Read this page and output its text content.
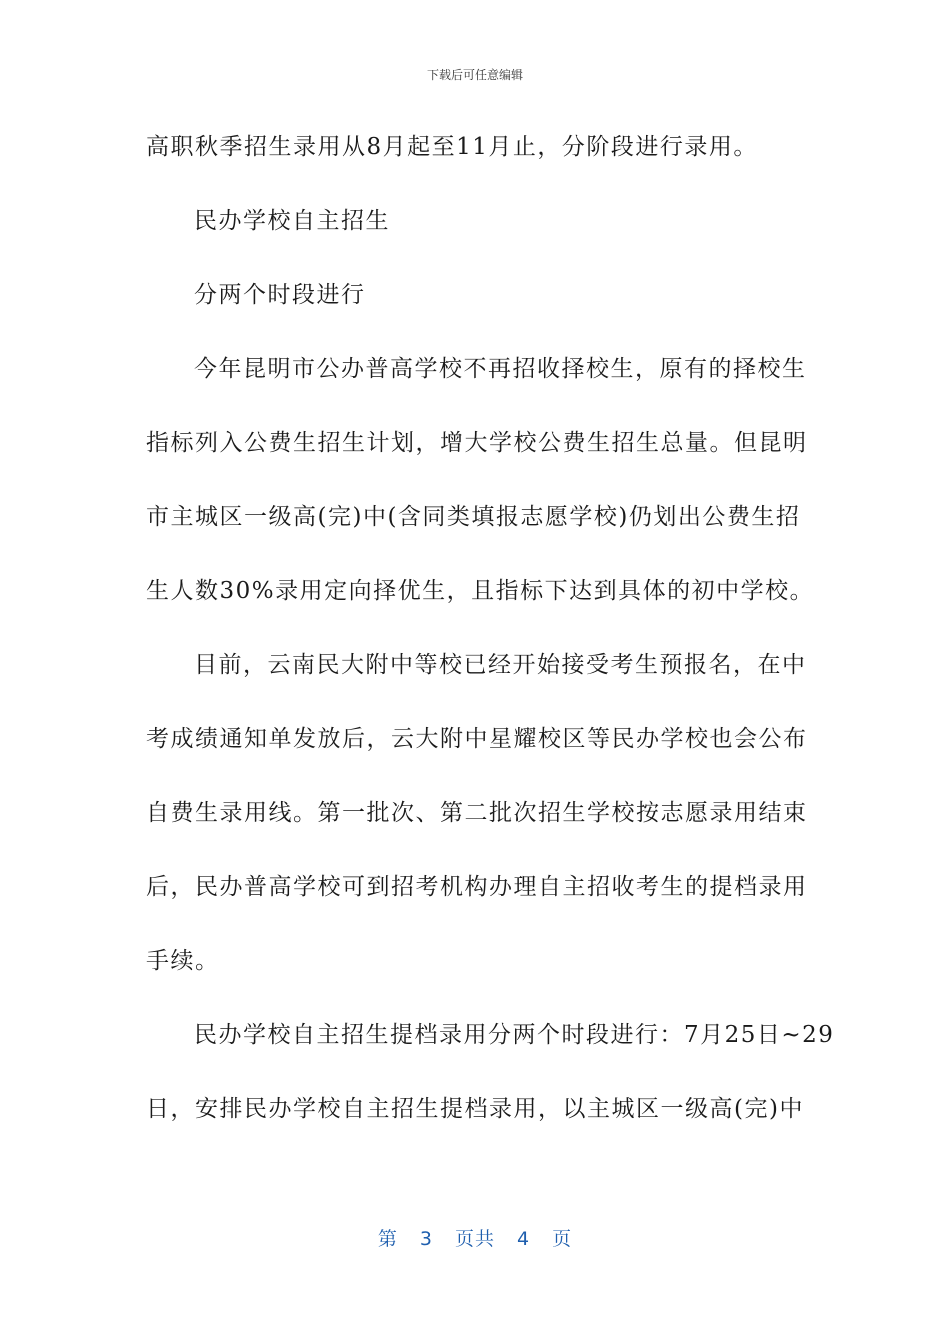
下载后可任意编辑
高职秋季招生录用从8月起至11月止，分阶段进行录用。
民办学校自主招生
分两个时段进行
今年昆明市公办普高学校不再招收择校生，原有的择校生
指标列入公费生招生计划，增大学校公费生招生总量。但昆明
市主城区一级高(完)中(含同类填报志愿学校)仍划出公费生招
生人数30%录用定向择优生，且指标下达到具体的初中学校。
目前，云南民大附中等校已经开始接受考生预报名，在中
考成绩通知单发放后，云大附中星耀校区等民办学校也会公布
自费生录用线。第一批次、第二批次招生学校按志愿录用结束
后，民办普高学校可到招考机构办理自主招收考生的提档录用
手续。
民办学校自主招生提档录用分两个时段进行：7月25日~29
日，安排民办学校自主招生提档录用，以主城区一级高(完)中
第 3 页共 4 页
